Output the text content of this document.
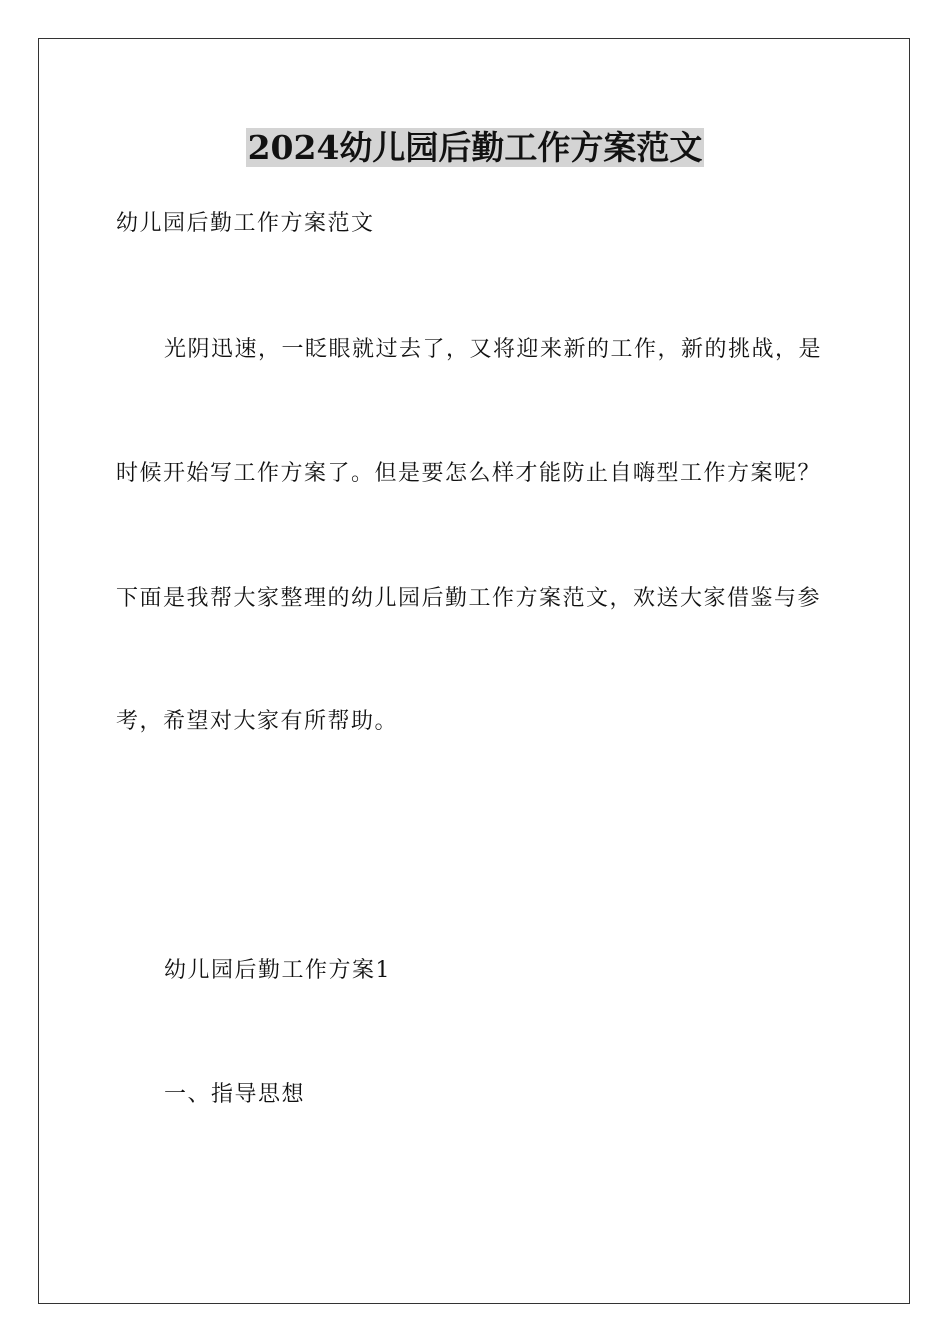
2024幼儿园后勤工作方案范文
幼儿园后勤工作方案范文
光阴迅速，一眨眼就过去了，又将迎来新的工作，新的挑战，是
时候开始写工作方案了。但是要怎么样才能防止自嗨型工作方案呢？
下面是我帮大家整理的幼儿园后勤工作方案范文，欢送大家借鉴与参
考，希望对大家有所帮助。
幼儿园后勤工作方案1
一、指导思想
